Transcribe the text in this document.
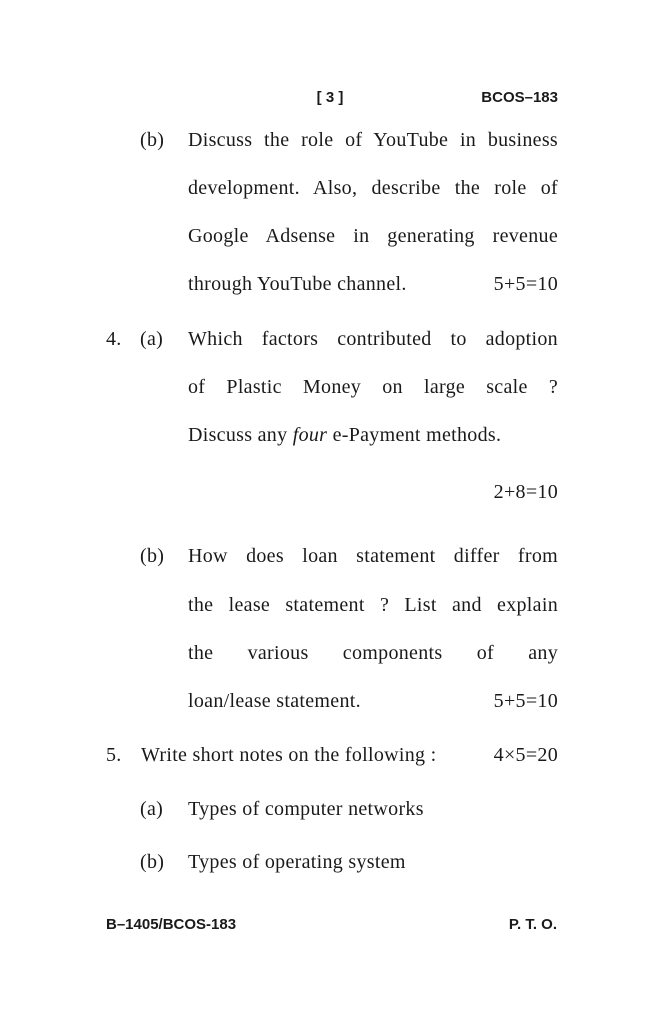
[ 3 ]	BCOS–183
(b) Discuss the role of YouTube in business
development. Also, describe the role of
Google Adsense in generating revenue
through YouTube channel.	5+5=10
4. (a) Which factors contributed to adoption
of Plastic Money on large scale ?
Discuss any four e-Payment methods.
2+8=10
(b) How does loan statement differ from
the lease statement ? List and explain
the various components of any
loan/lease statement.	5+5=10
5. Write short notes on the following :	4×5=20
(a) Types of computer networks
(b) Types of operating system
B–1405/BCOS-183	P. T. O.
